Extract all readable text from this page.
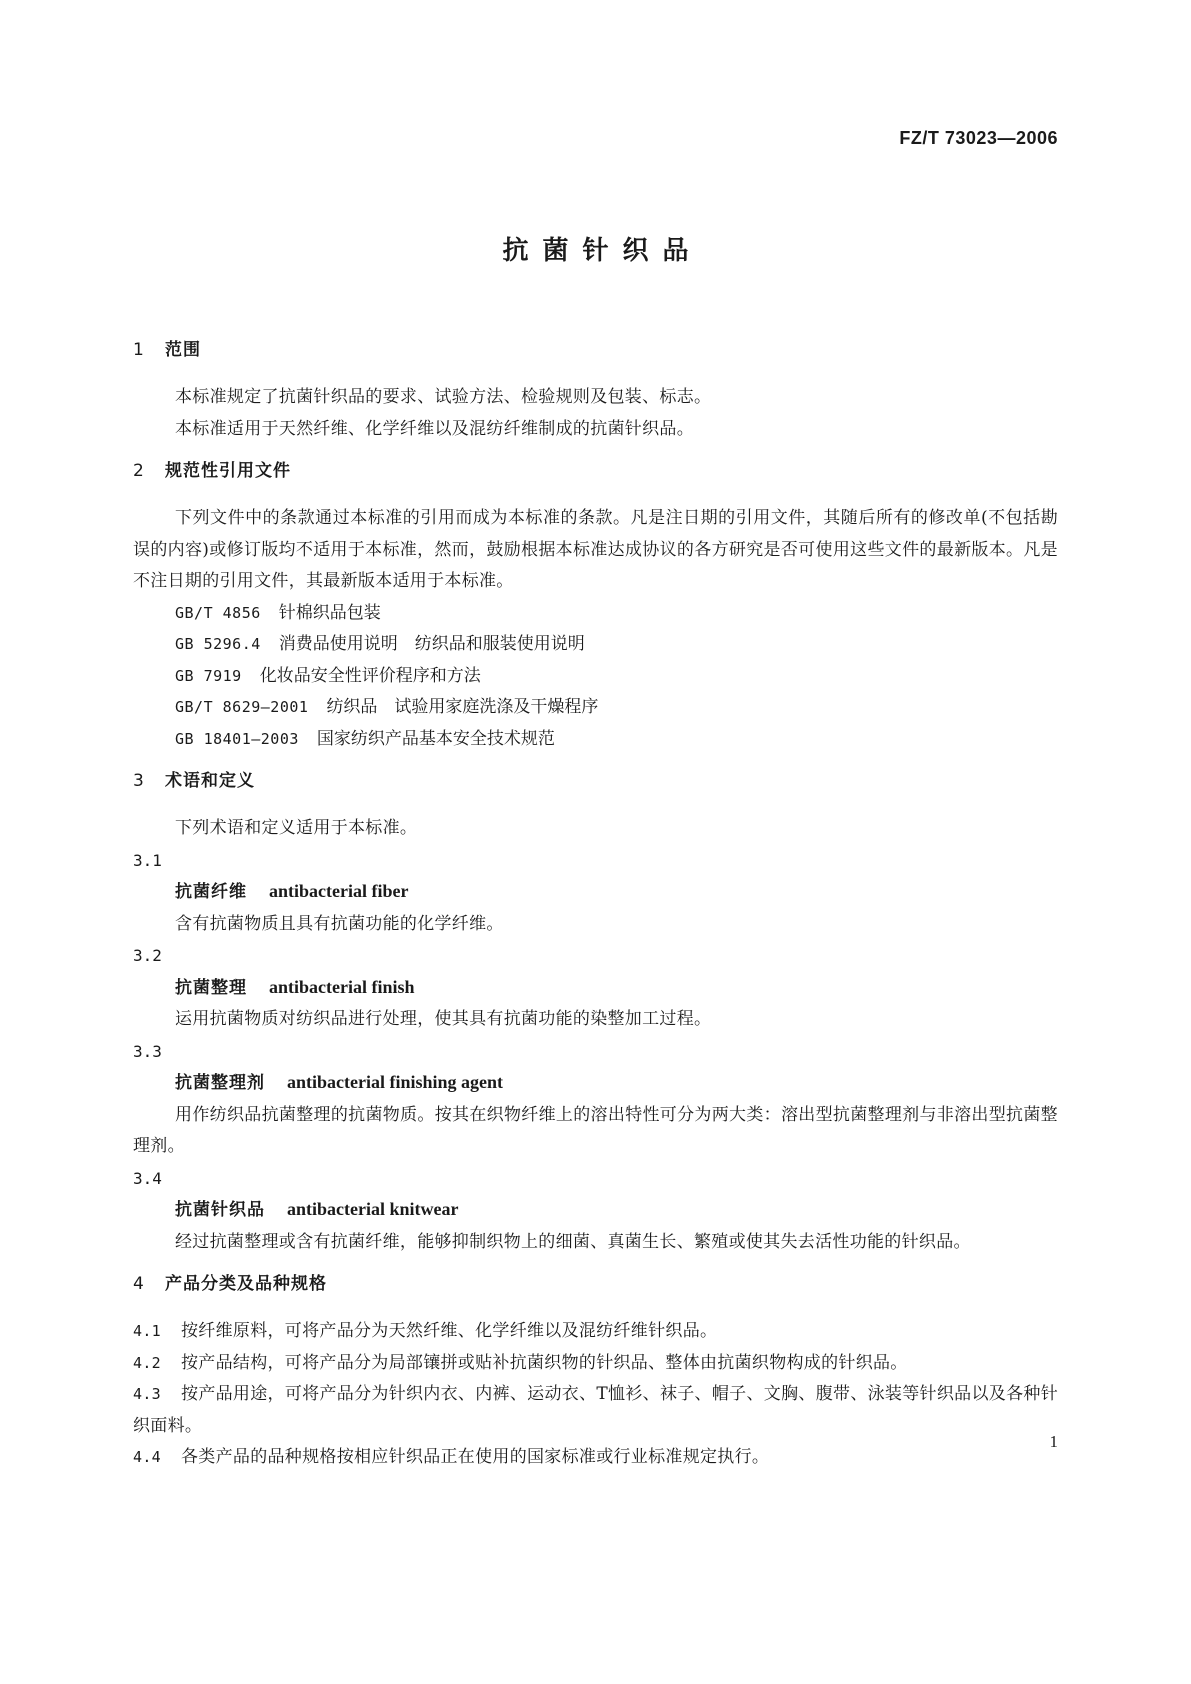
FZ/T 73023—2006
抗菌针织品
1 范围
本标准规定了抗菌针织品的要求、试验方法、检验规则及包装、标志。
本标准适用于天然纤维、化学纤维以及混纺纤维制成的抗菌针织品。
2 规范性引用文件
下列文件中的条款通过本标准的引用而成为本标准的条款。凡是注日期的引用文件，其随后所有的修改单(不包括勘误的内容)或修订版均不适用于本标准，然而，鼓励根据本标准达成协议的各方研究是否可使用这些文件的最新版本。凡是不注日期的引用文件，其最新版本适用于本标准。
GB/T 4856 针棉织品包装
GB 5296.4 消费品使用说明　纺织品和服装使用说明
GB 7919 化妆品安全性评价程序和方法
GB/T 8629—2001 纺织品　试验用家庭洗涤及干燥程序
GB 18401—2003 国家纺织产品基本安全技术规范
3 术语和定义
下列术语和定义适用于本标准。
3.1
抗菌纤维 antibacterial fiber
含有抗菌物质且具有抗菌功能的化学纤维。
3.2
抗菌整理 antibacterial finish
运用抗菌物质对纺织品进行处理，使其具有抗菌功能的染整加工过程。
3.3
抗菌整理剂 antibacterial finishing agent
用作纺织品抗菌整理的抗菌物质。按其在织物纤维上的溶出特性可分为两大类：溶出型抗菌整理剂与非溶出型抗菌整理剂。
3.4
抗菌针织品 antibacterial knitwear
经过抗菌整理或含有抗菌纤维，能够抑制织物上的细菌、真菌生长、繁殖或使其失去活性功能的针织品。
4 产品分类及品种规格
4.1 按纤维原料，可将产品分为天然纤维、化学纤维以及混纺纤维针织品。
4.2 按产品结构，可将产品分为局部镶拼或贴补抗菌织物的针织品、整体由抗菌织物构成的针织品。
4.3 按产品用途，可将产品分为针织内衣、内裤、运动衣、T恤衫、袜子、帽子、文胸、腹带、泳装等针织品以及各种针织面料。
4.4 各类产品的品种规格按相应针织品正在使用的国家标准或行业标准规定执行。
1
